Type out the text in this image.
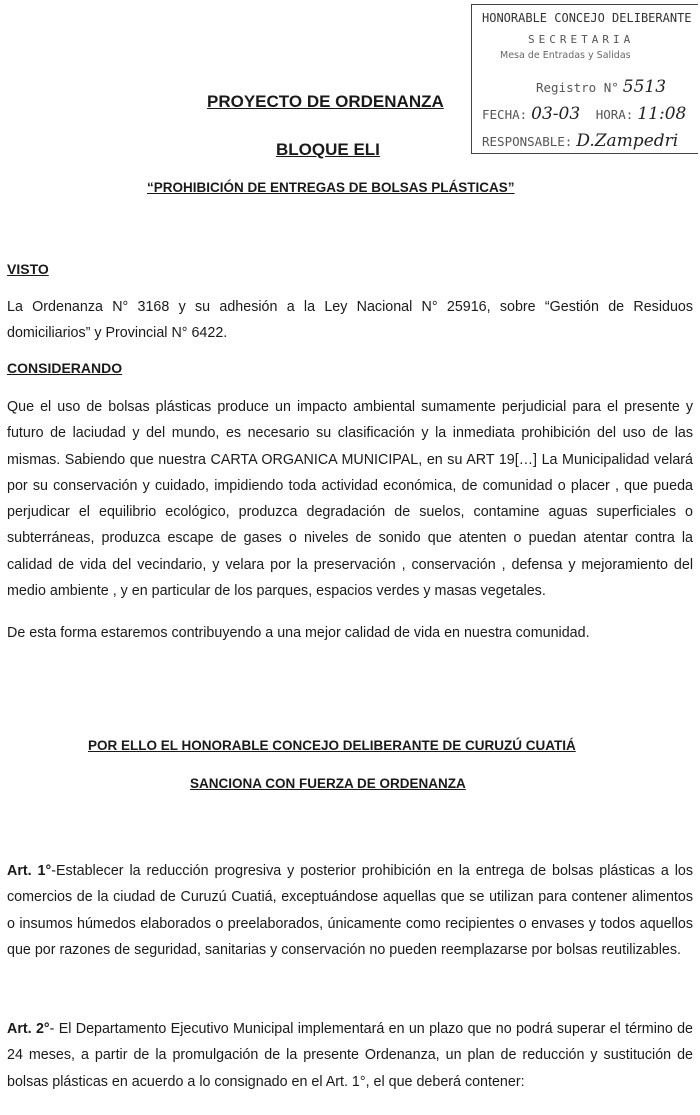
HONORABLE CONCEJO DELIBERANTE
SECRETARIA
Mesa de Entradas y Salidas
Registro N° 5513
FECHA: 03-03 HORA: 11:08
RESPONSABLE: D.Zampedri
PROYECTO DE ORDENANZA
BLOQUE ELI
“PROHIBICIÓN DE ENTREGAS DE BOLSAS PLÁSTICAS”
VISTO

La Ordenanza N° 3168 y su adhesión a la Ley Nacional N° 25916, sobre “Gestión de Residuos domiciliarios” y Provincial N° 6422.

CONSIDERANDO

Que el uso de bolsas plásticas produce un impacto ambiental sumamente perjudicial para el presente y futuro de laciudad y del mundo, es necesario su clasificación y la inmediata prohibición del uso de las mismas. Sabiendo que nuestra CARTA ORGANICA MUNICIPAL, en su ART 19[…] La Municipalidad velará por su conservación y cuidado, impidiendo toda actividad económica, de comunidad o placer , que pueda perjudicar el equilibrio ecológico, produzca degradación de suelos, contamine aguas superficiales o subterráneas, produzca escape de gases o niveles de sonido que atenten o puedan atentar contra la calidad de vida del vecindario, y velara por la preservación , conservación , defensa y mejoramiento del medio ambiente , y en particular de los parques, espacios verdes y masas vegetales.

De esta forma estaremos contribuyendo a una mejor calidad de vida en nuestra comunidad.

POR ELLO EL HONORABLE CONCEJO DELIBERANTE DE CURUZÚ CUATIÁ
SANCIONA CON FUERZA DE ORDENANZA

Art. 1°-Establecer la reducción progresiva y posterior prohibición en la entrega de bolsas plásticas a los comercios de la ciudad de Curuzú Cuatiá, exceptuándose aquellas que se utilizan para contener alimentos o insumos húmedos elaborados o preelaborados, únicamente como recipientes o envases y todos aquellos que por razones de seguridad, sanitarias y conservación no pueden reemplazarse por bolsas reutilizables.

Art. 2°- El Departamento Ejecutivo Municipal implementará en un plazo que no podrá superar el término de 24 meses, a partir de la promulgación de la presente Ordenanza, un plan de reducción y sustitución de bolsas plásticas en acuerdo a lo consignado en el Art. 1°, el que deberá contener:
